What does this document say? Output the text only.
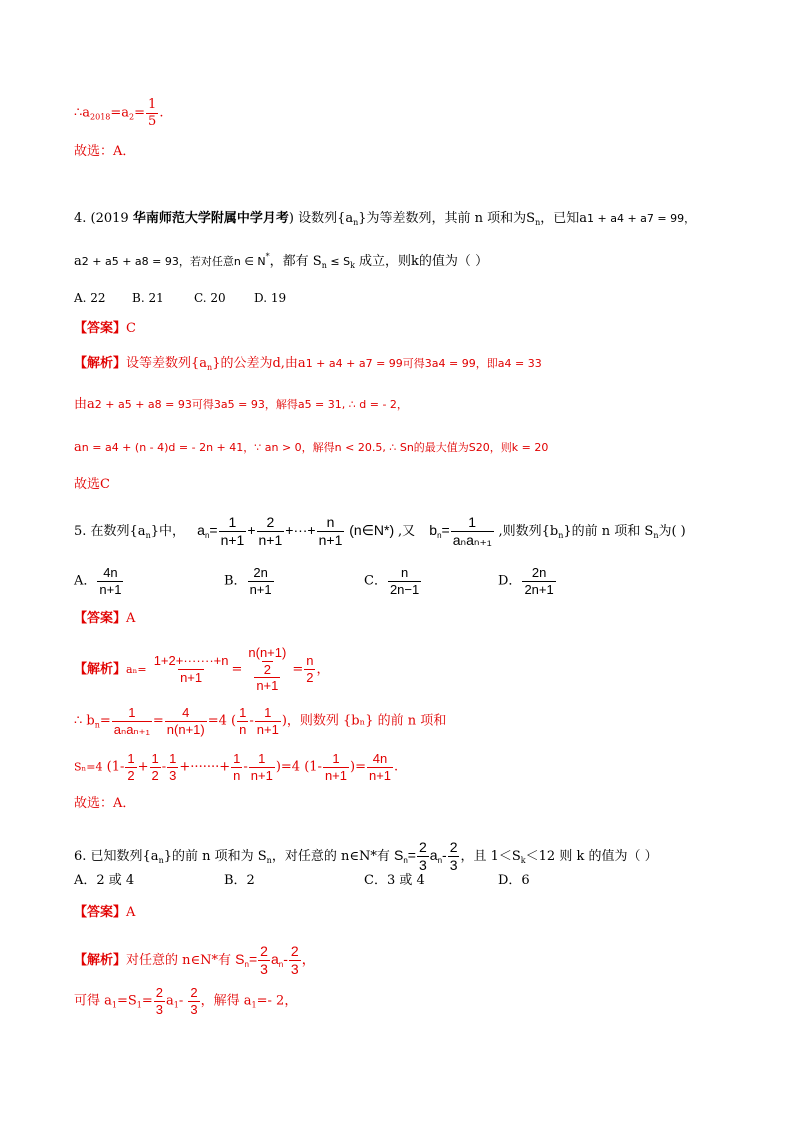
$\therefore a_{2018}=a_2= \frac{1}{5}$ .
故选：A．
4. (2019 华南师范大学附属中学月考) 设数列$\{a_n\}$为等差数列，其前 n 项和为$S_n$，已知a1 + a4 + a7 = 99，
a2 + a5 + a8 = 93，若对任意n ∈ N*，都有 $S_n \le S_k$ 成立，则k的值为（ ）
A. 22 B. 21	C. 20 D. 19
【答案】C
【解析】设等差数列$\{a_n\}$的公差为d,由a1 + a4 + a7 = 99可得3a4 = 99，即a4 = 33
由a2 + a5 + a8 = 93可得3a5 = 93，解得a5 = 31, ∴ d = - 2，
an = a4 + (n - 4)d = - 2n + 41，∵ an > 0，解得n < 20.5, ∴ Sn的最大值为S20，则k = 20
故选C
5. 在数列$\{a_n\}$中， $a_n= \frac{1}{n+1} + \frac{2}{n+1}$ +···+ $\frac{n}{n+1}$ (n∈N*) ,又 $b_n= \frac{1}{\text{aₙaₙ₊₁}}$ ,则数列$\{b_n\}$的前 n 项和 $S_n$为( )
A． $\frac{4n}{n+1}$	B． $\frac{2n}{n+1}$	C． $\frac{n}{2n-1}$	D． $\frac{2n}{2n+1}$
【答案】A
【解析】$a_n= \frac{1+2+\cdot\cdot\cdot\cdot\cdot\cdot\cdot+n}{n+1} = \frac{\frac{n(n+1)}{2}}{n+1} = \frac{n}{2}$ ，
∴ $b_n= \frac{1}{\text{aₙaₙ₊₁}} = \frac{4}{n(n+1)} =4$ ( $\frac{1}{n} - \frac{1}{n+1}$ )，则数列 {bₙ} 的前 n 项和
Sₙ=4 ($1- \frac{1}{2} + \frac{1}{2} - \frac{1}{3}$ +·······+ $\frac{1}{n} - \frac{1}{n+1} )=4$ ($1- \frac{1}{n+1}$ )= $\frac{4n}{n+1}$ .
故选：A．
6. 已知数列$\{a_n\}$的前 n 项和为 $S_n$，对任意的 n∈N*有 $S_n= \frac{2}{3} a_n- \frac{2}{3}$ ，且 $1<S_k<12$ 则 k 的值为（ ）
A．2 或 4	B．2	C．3 或 4	D．6
【答案】A
【解析】对任意的 n∈N*有 $S_n= \frac{2}{3} a_n- \frac{2}{3}$ ，
可得 $a_1=S_1= \frac{2}{3} a_1- \frac{2}{3}$ ，解得 $a_1=-$ 2，
